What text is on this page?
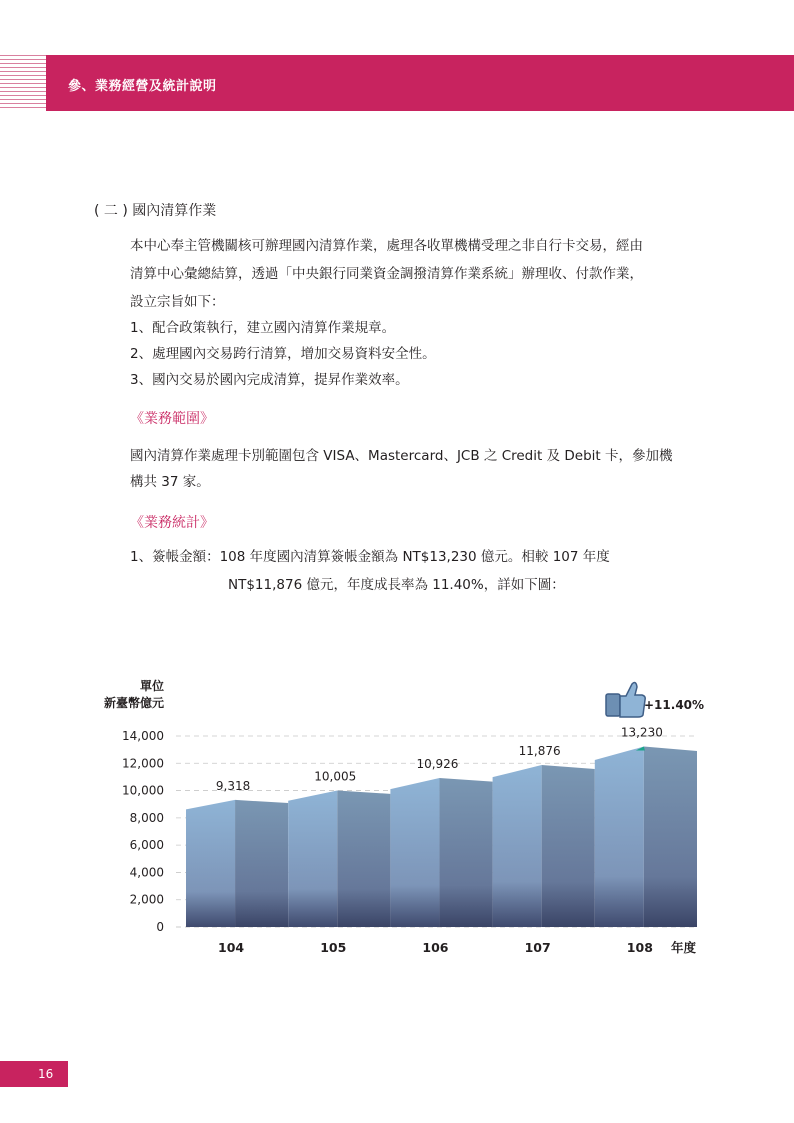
參、業務經營及統計說明
( 二 ) 國內清算作業
本中心奉主管機關核可辦理國內清算作業，處理各收單機構受理之非自行卡交易，經由
清算中心彙總結算，透過「中央銀行同業資金調撥清算作業系統」辦理收、付款作業，
設立宗旨如下：
1、配合政策執行，建立國內清算作業規章。
2、處理國內交易跨行清算，增加交易資料安全性。
3、國內交易於國內完成清算，提昇作業效率。
《業務範圍》
國內清算作業處理卡別範圍包含 VISA、Mastercard、JCB 之 Credit 及 Debit 卡，參加機
構共 37 家。
《業務統計》
1、簽帳金額：108 年度國內清算簽帳金額為 NT$13,230 億元。相較 107 年度
NT$11,876 億元，年度成長率為 11.40%，詳如下圖：
單位
新臺幣億元
0
2,000
4,000
6,000
8,000
10,000
12,000
14,000
9,318
104
10,005
105
10,926
106
11,876
107
13,230
108 年度
+11.40%
16
